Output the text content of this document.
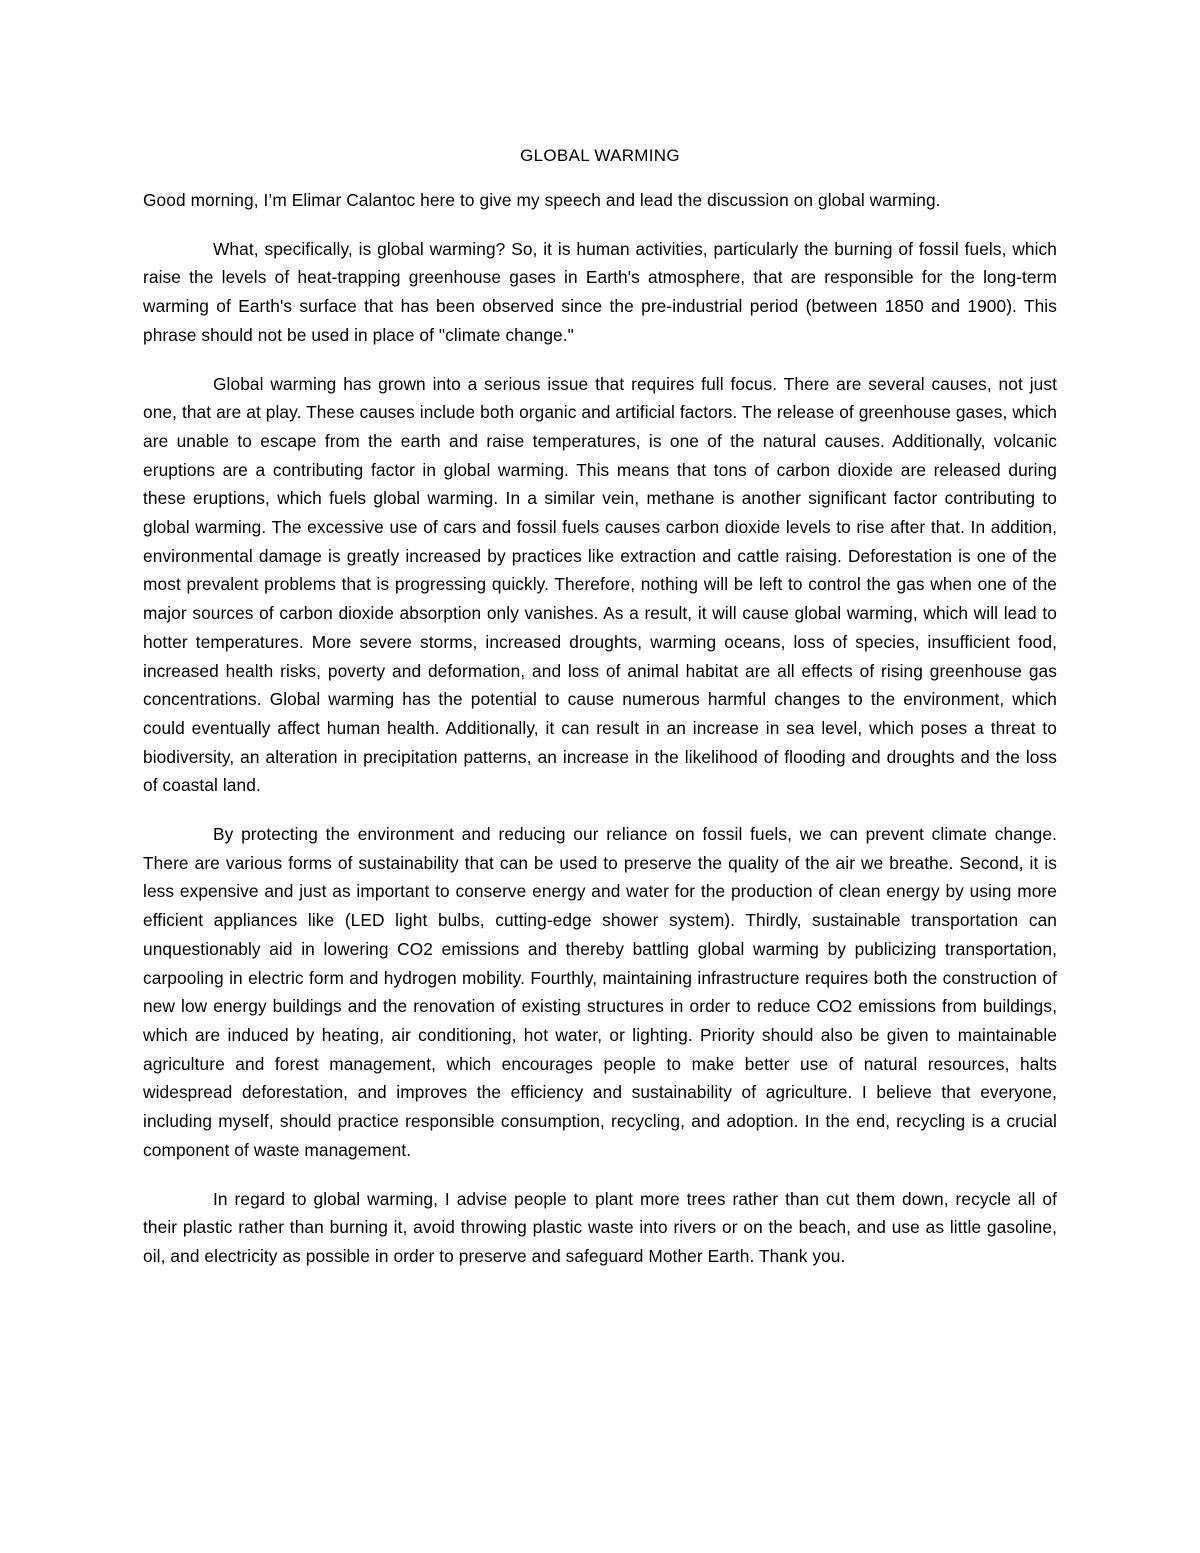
GLOBAL WARMING

Good morning, I’m Elimar Calantoc here to give my speech and lead the discussion on global warming.

What, specifically, is global warming? So, it is human activities, particularly the burning of fossil fuels, which raise the levels of heat-trapping greenhouse gases in Earth's atmosphere, that are responsible for the long-term warming of Earth's surface that has been observed since the pre-industrial period (between 1850 and 1900). This phrase should not be used in place of "climate change."

Global warming has grown into a serious issue that requires full focus. There are several causes, not just one, that are at play. These causes include both organic and artificial factors. The release of greenhouse gases, which are unable to escape from the earth and raise temperatures, is one of the natural causes. Additionally, volcanic eruptions are a contributing factor in global warming. This means that tons of carbon dioxide are released during these eruptions, which fuels global warming. In a similar vein, methane is another significant factor contributing to global warming. The excessive use of cars and fossil fuels causes carbon dioxide levels to rise after that. In addition, environmental damage is greatly increased by practices like extraction and cattle raising. Deforestation is one of the most prevalent problems that is progressing quickly. Therefore, nothing will be left to control the gas when one of the major sources of carbon dioxide absorption only vanishes. As a result, it will cause global warming, which will lead to hotter temperatures. More severe storms, increased droughts, warming oceans, loss of species, insufficient food, increased health risks, poverty and deformation, and loss of animal habitat are all effects of rising greenhouse gas concentrations. Global warming has the potential to cause numerous harmful changes to the environment, which could eventually affect human health. Additionally, it can result in an increase in sea level, which poses a threat to biodiversity, an alteration in precipitation patterns, an increase in the likelihood of flooding and droughts and the loss of coastal land.

By protecting the environment and reducing our reliance on fossil fuels, we can prevent climate change. There are various forms of sustainability that can be used to preserve the quality of the air we breathe. Second, it is less expensive and just as important to conserve energy and water for the production of clean energy by using more efficient appliances like (LED light bulbs, cutting-edge shower system). Thirdly, sustainable transportation can unquestionably aid in lowering CO2 emissions and thereby battling global warming by publicizing transportation, carpooling in electric form and hydrogen mobility. Fourthly, maintaining infrastructure requires both the construction of new low energy buildings and the renovation of existing structures in order to reduce CO2 emissions from buildings, which are induced by heating, air conditioning, hot water, or lighting. Priority should also be given to maintainable agriculture and forest management, which encourages people to make better use of natural resources, halts widespread deforestation, and improves the efficiency and sustainability of agriculture. I believe that everyone, including myself, should practice responsible consumption, recycling, and adoption. In the end, recycling is a crucial component of waste management.

In regard to global warming, I advise people to plant more trees rather than cut them down, recycle all of their plastic rather than burning it, avoid throwing plastic waste into rivers or on the beach, and use as little gasoline, oil, and electricity as possible in order to preserve and safeguard Mother Earth. Thank you.
